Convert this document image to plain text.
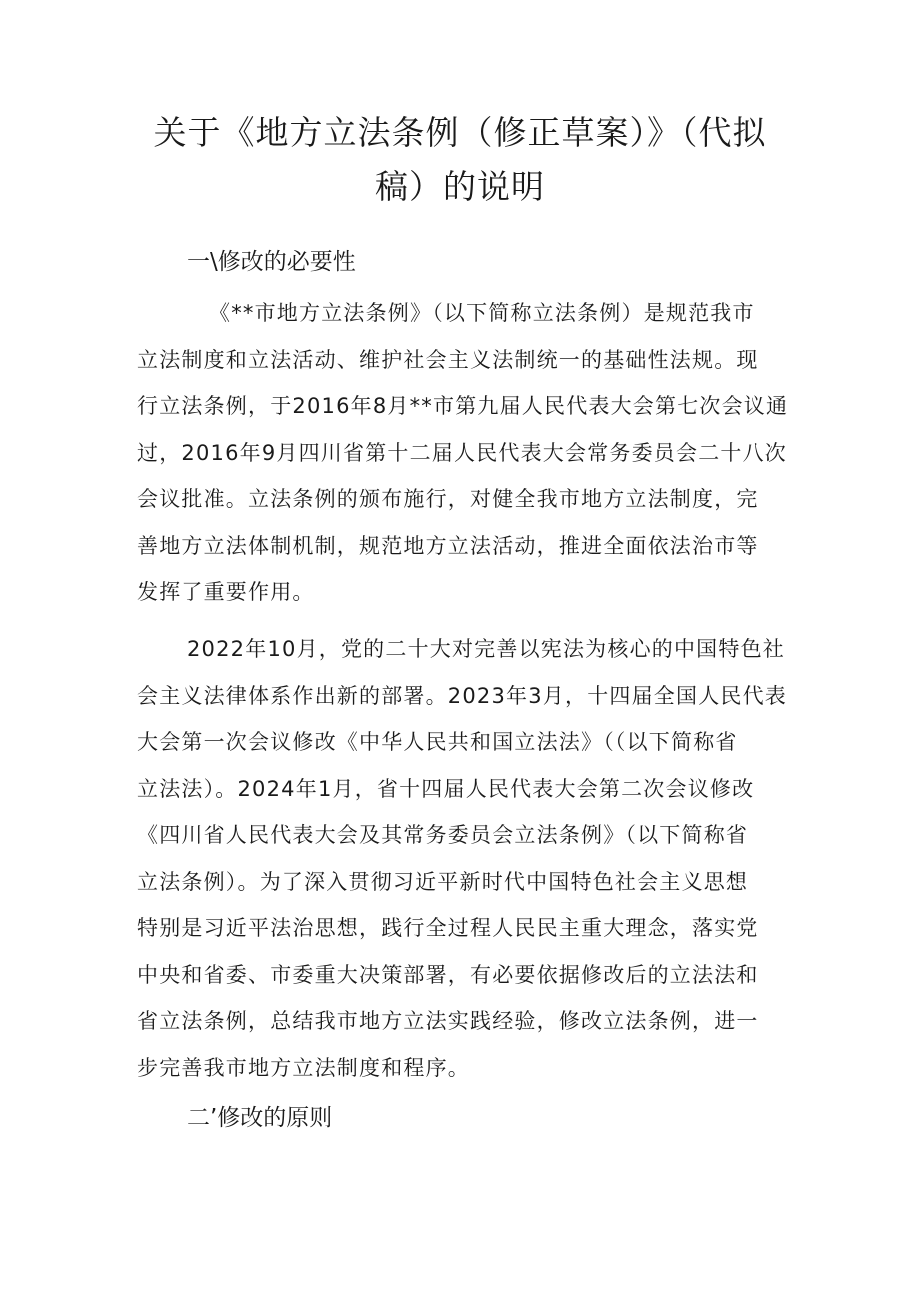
关于《地方立法条例（修正草案）》（代拟
稿）的说明
一\修改的必要性
《**市地方立法条例》（以下简称立法条例）是规范我市
立法制度和立法活动、维护社会主义法制统一的基础性法规。现
行立法条例，于2016年8月**市第九届人民代表大会第七次会议通
过，2016年9月四川省第十二届人民代表大会常务委员会二十八次
会议批准。立法条例的颁布施行，对健全我市地方立法制度，完
善地方立法体制机制，规范地方立法活动，推进全面依法治市等
发挥了重要作用。
2022年10月，党的二十大对完善以宪法为核心的中国特色社
会主义法律体系作出新的部署。2023年3月，十四届全国人民代表
大会第一次会议修改《中华人民共和国立法法》（（以下简称省
立法法）。2024年1月，省十四届人民代表大会第二次会议修改
《四川省人民代表大会及其常务委员会立法条例》（以下简称省
立法条例）。为了深入贯彻习近平新时代中国特色社会主义思想
特别是习近平法治思想，践行全过程人民民主重大理念，落实党
中央和省委、市委重大决策部署，有必要依据修改后的立法法和
省立法条例，总结我市地方立法实践经验，修改立法条例，进一
步完善我市地方立法制度和程序。
二’修改的原则
